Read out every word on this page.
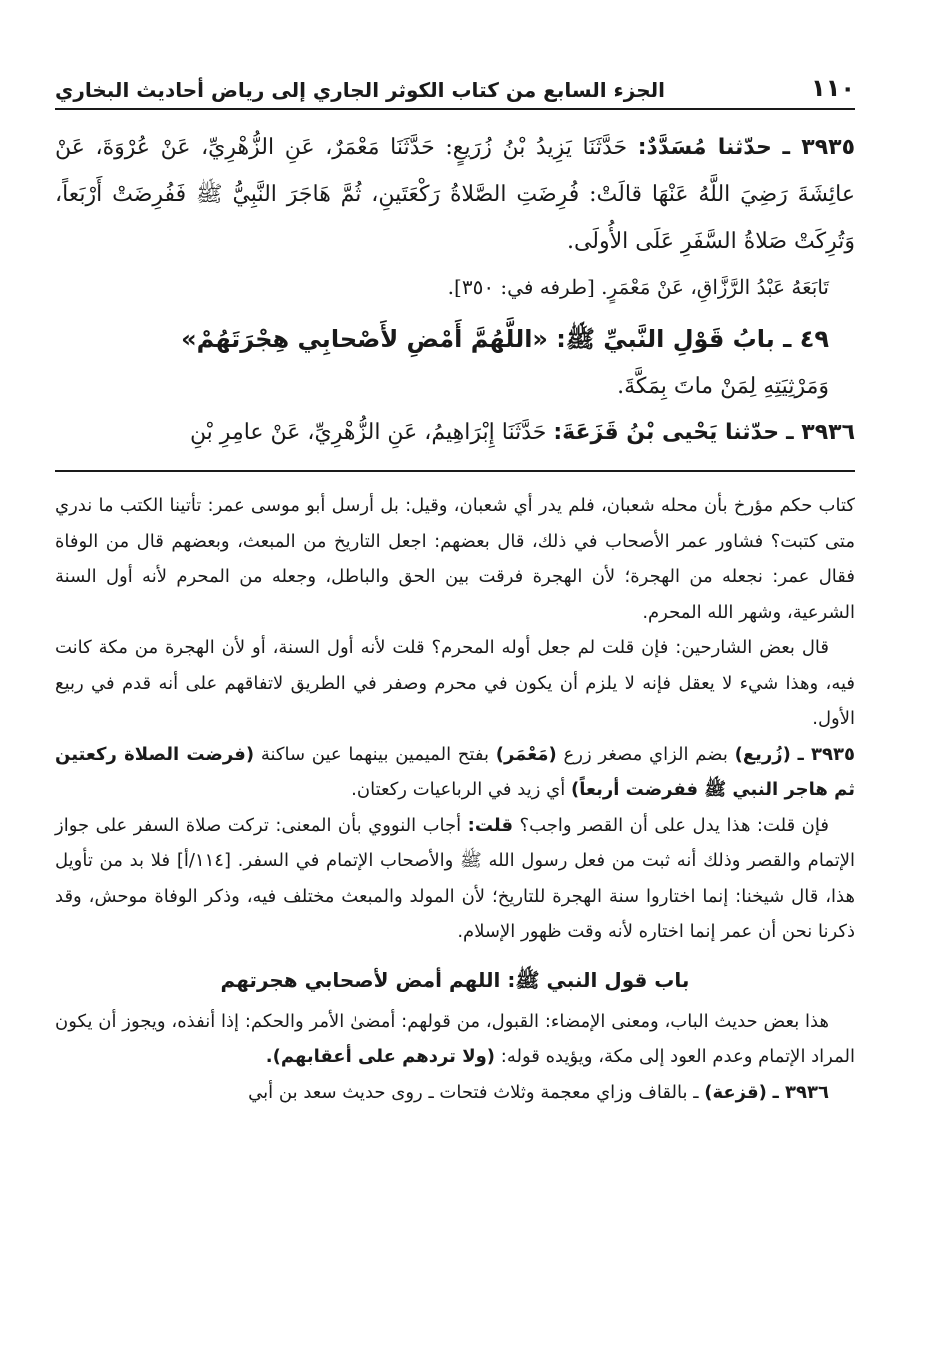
١١٠
الجزء السابع من كتاب الكوثر الجاري إلى رياض أحاديث البخاري

٣٩٣٥ ـ حدّثنا مُسَدَّدٌ: حَدَّثَنَا يَزِيدُ بْنُ زُرَيعٍ: حَدَّثَنَا مَعْمَرٌ، عَنِ الزُّهْرِيِّ، عَنْ عُرْوَةَ، عَنْ عائِشَةَ رَضِيَ اللَّهُ عَنْهَا قالَتْ: فُرِضَتِ الصَّلاةُ رَكْعَتَينِ، ثُمَّ هَاجَرَ النَّبِيُّ ﷺ فَفُرِضَتْ أَرْبَعاً، وَتُرِكَتْ صَلاةُ السَّفَرِ عَلَى الأُولَى.

تَابَعَهُ عَبْدُ الرَّزَّاقِ، عَنْ مَعْمَرٍ. [طرفه في: ٣٥٠].

٤٩ ـ بابُ قَوْلِ النَّبيِّ ﷺ: «اللَّهُمَّ أَمْضِ لأَصْحابِي هِجْرَتَهُمْ»

وَمَرْثِيَتِهِ لِمَنْ ماتَ بِمَكَّةَ.

٣٩٣٦ ـ حدّثنا يَحْيى بْنُ قَزَعَةَ: حَدَّثَنَا إِبْرَاهِيمُ، عَنِ الزُّهْرِيِّ، عَنْ عامِرِ بْنِ

كتاب حكم مؤرخ بأن محله شعبان، فلم يدر أي شعبان، وقيل: بل أرسل أبو موسى عمر: تأتينا الكتب ما ندري متى كتبت؟ فشاور عمر الأصحاب في ذلك، قال بعضهم: اجعل التاريخ من المبعث، وبعضهم قال من الوفاة فقال عمر: نجعله من الهجرة؛ لأن الهجرة فرقت بين الحق والباطل، وجعله من المحرم لأنه أول السنة الشرعية، وشهر الله المحرم.

قال بعض الشارحين: فإن قلت لم جعل أوله المحرم؟ قلت لأنه أول السنة، أو لأن الهجرة من مكة كانت فيه، وهذا شيء لا يعقل فإنه لا يلزم أن يكون في محرم وصفر في الطريق لاتفاقهم على أنه قدم في ربيع الأول.

٣٩٣٥ ـ (زُريع) بضم الزاي مصغر زرع (مَعْمَر) بفتح الميمين بينهما عين ساكنة (فرضت الصلاة ركعتين ثم هاجر النبي ﷺ ففرضت أربعاً) أي زيد في الرباعيات ركعتان.

فإن قلت: هذا يدل على أن القصر واجب؟ قلت: أجاب النووي بأن المعنى: تركت صلاة السفر على جواز الإتمام والقصر وذلك أنه ثبت من فعل رسول الله ﷺ والأصحاب الإتمام في السفر. [١١٤/أ] فلا بد من تأويل هذا، قال شيخنا: إنما اختاروا سنة الهجرة للتاريخ؛ لأن المولد والمبعث مختلف فيه، وذكر الوفاة موحش، وقد ذكرنا نحن أن عمر إنما اختاره لأنه وقت ظهور الإسلام.

باب قول النبي ﷺ: اللهم أمض لأصحابي هجرتهم

هذا بعض حديث الباب، ومعنى الإمضاء: القبول، من قولهم: أمضىٰ الأمر والحكم: إذا أنفذه، ويجوز أن يكون المراد الإتمام وعدم العود إلى مكة، ويؤيده قوله: (ولا تردهم على أعقابهم).

٣٩٣٦ ـ (قزعة) ـ بالقاف وزاي معجمة وثلاث فتحات ـ روى حديث سعد بن أبي
